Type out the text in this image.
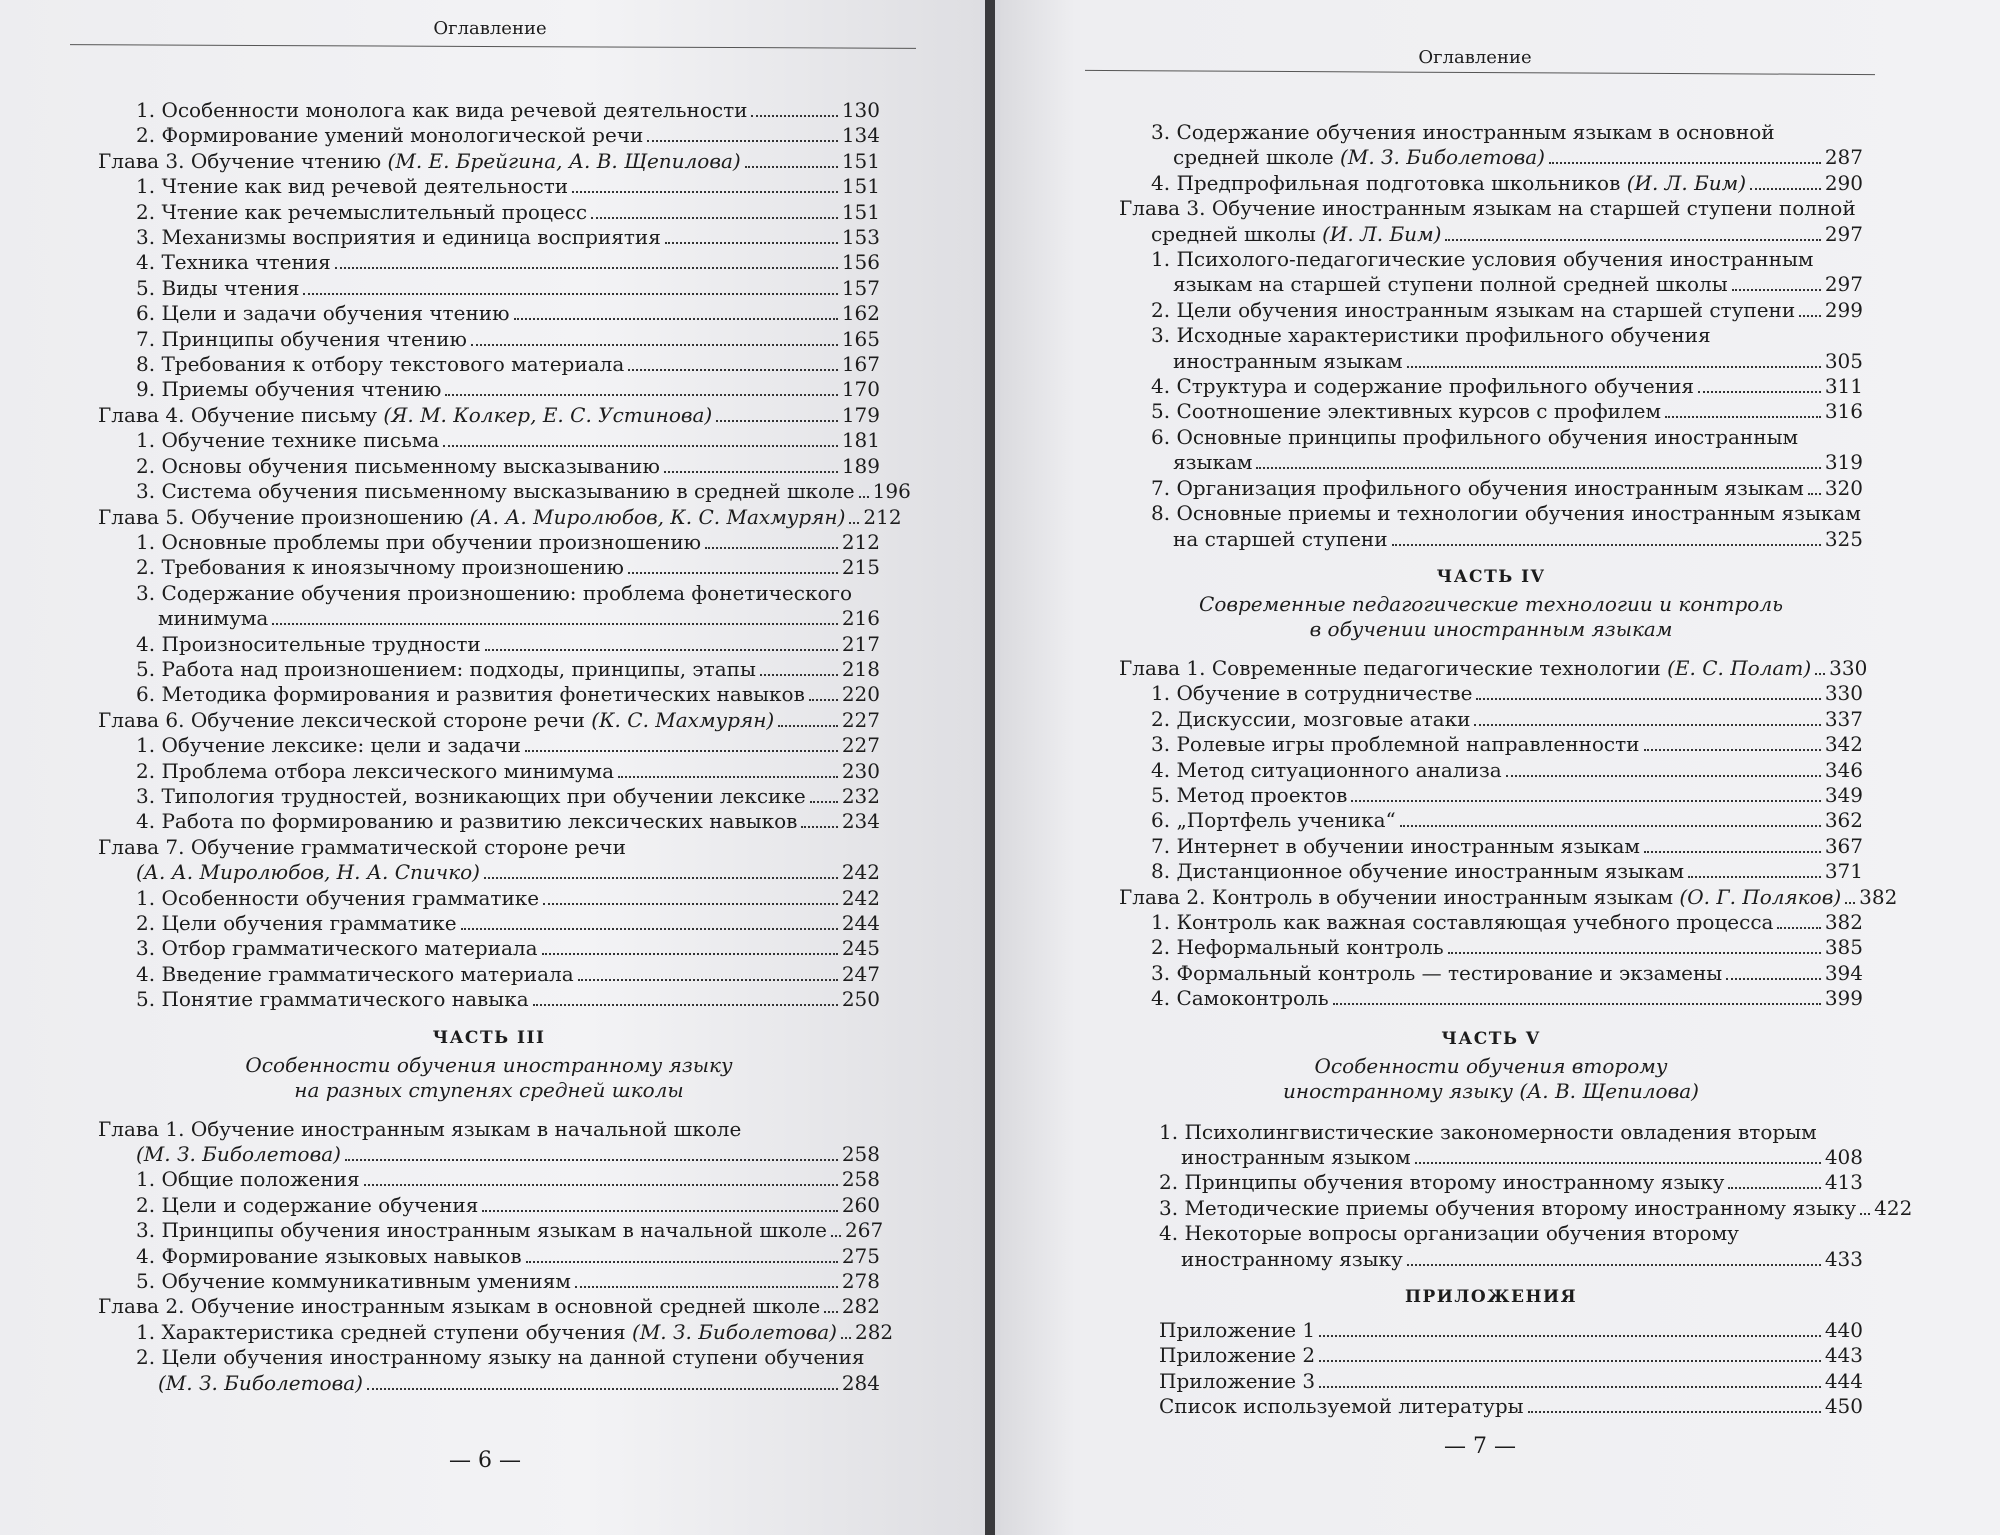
Оглавление
1. Особенности монолога как вида речевой деятельности	130
2. Формирование умений монологической речи	134
Глава 3. Обучение чтению
(М. Е. Брейгина, А. В. Щепилова)	151
1. Чтение как вид речевой деятельности	151
2. Чтение как речемыслительный процесс	151
3. Механизмы восприятия и единица восприятия	153
4. Техника чтения	156
5. Виды чтения	157
6. Цели и задачи обучения чтению	162
7. Принципы обучения чтению	165
8. Требования к отбору текстового материала	167
9. Приемы обучения чтению	170
Глава 4. Обучение письму
(Я. М. Колкер, Е. С. Устинова)	179
1. Обучение технике письма	181
2. Основы обучения письменному высказыванию	189
3. Система обучения письменному высказыванию в средней школе 196
Глава 5. Обучение произношению
(А. А. Миролюбов, К. С. Махмурян) 212
1. Основные проблемы при обучении произношению	212
2. Требования к иноязычному произношению	215
3. Содержание обучения произношению: проблема фонетического
минимума	216
4. Произносительные трудности	217
5. Работа над произношением: подходы, принципы, этапы	218
6. Методика формирования и развития фонетических навыков 220
Глава 6. Обучение лексической стороне речи
(К. С. Махмурян)	227
1. Обучение лексике: цели и задачи	227
2. Проблема отбора лексического минимума	230
3. Типология трудностей, возникающих при обучении лексике 232
4. Работа по формированию и развитию лексических навыков 234
Глава 7. Обучение грамматической стороне речи
(А. А. Миролюбов, Н. А. Спичко)	242
1. Особенности обучения грамматике	242
2. Цели обучения грамматике	244
3. Отбор грамматического материала	245
4. Введение грамматического материала	247
5. Понятие грамматического навыка	250
ЧАСТЬ III
Особенности обучения иностранному языку
на разных ступенях средней школы
Глава 1. Обучение иностранным языкам в начальной школе
(М. З. Биболетова)	258
1. Общие положения	258
2. Цели и содержание обучения	260
3. Принципы обучения иностранным языкам в начальной школе 267
4. Формирование языковых навыков	275
5. Обучение коммуникативным умениям	278
Глава 2. Обучение иностранным языкам в основной средней школе 282
1. Характеристика средней ступени обучения
(М. З. Биболетова) 282
2. Цели обучения иностранному языку на данной ступени обучения
(М. З. Биболетова)	284
— 6 —
Оглавление
3. Содержание обучения иностранным языкам в основной
средней школе
(М. З. Биболетова)	287
4. Предпрофильная подготовка школьников
(И. Л. Бим)	290
Глава 3. Обучение иностранным языкам на старшей ступени полной
средней школы
(И. Л. Бим)	297
1. Психолого-педагогические условия обучения иностранным
языкам на старшей ступени полной средней школы	297
2. Цели обучения иностранным языкам на старшей ступени 299
3. Исходные характеристики профильного обучения
иностранным языкам	305
4. Структура и содержание профильного обучения	311
5. Соотношение элективных курсов с профилем	316
6. Основные принципы профильного обучения иностранным
языкам	319
7. Организация профильного обучения иностранным языкам 320
8. Основные приемы и технологии обучения иностранным языкам
на старшей ступени	325
ЧАСТЬ IV
Современные педагогические технологии и контроль
в обучении иностранным языкам
Глава 1. Современные педагогические технологии
(Е. С. Полат) 330
1. Обучение в сотрудничестве	330
2. Дискуссии, мозговые атаки	337
3. Ролевые игры проблемной направленности	342
4. Метод ситуационного анализа	346
5. Метод проектов	349
6. „Портфель ученика“	362
7. Интернет в обучении иностранным языкам	367
8. Дистанционное обучение иностранным языкам	371
Глава 2. Контроль в обучении иностранным языкам
(О. Г. Поляков) 382
1. Контроль как важная составляющая учебного процесса	382
2. Неформальный контроль	385
3. Формальный контроль — тестирование и экзамены	394
4. Самоконтроль	399
ЧАСТЬ V
Особенности обучения второму
иностранному языку (А. В. Щепилова)
1. Психолингвистические закономерности овладения вторым
иностранным языком	408
2. Принципы обучения второму иностранному языку	413
3. Методические приемы обучения второму иностранному языку 422
4. Некоторые вопросы организации обучения второму
иностранному языку	433
ПРИЛОЖЕНИЯ
Приложение 1	440
Приложение 2	443
Приложение 3	444
Список используемой литературы	450
— 7 —
